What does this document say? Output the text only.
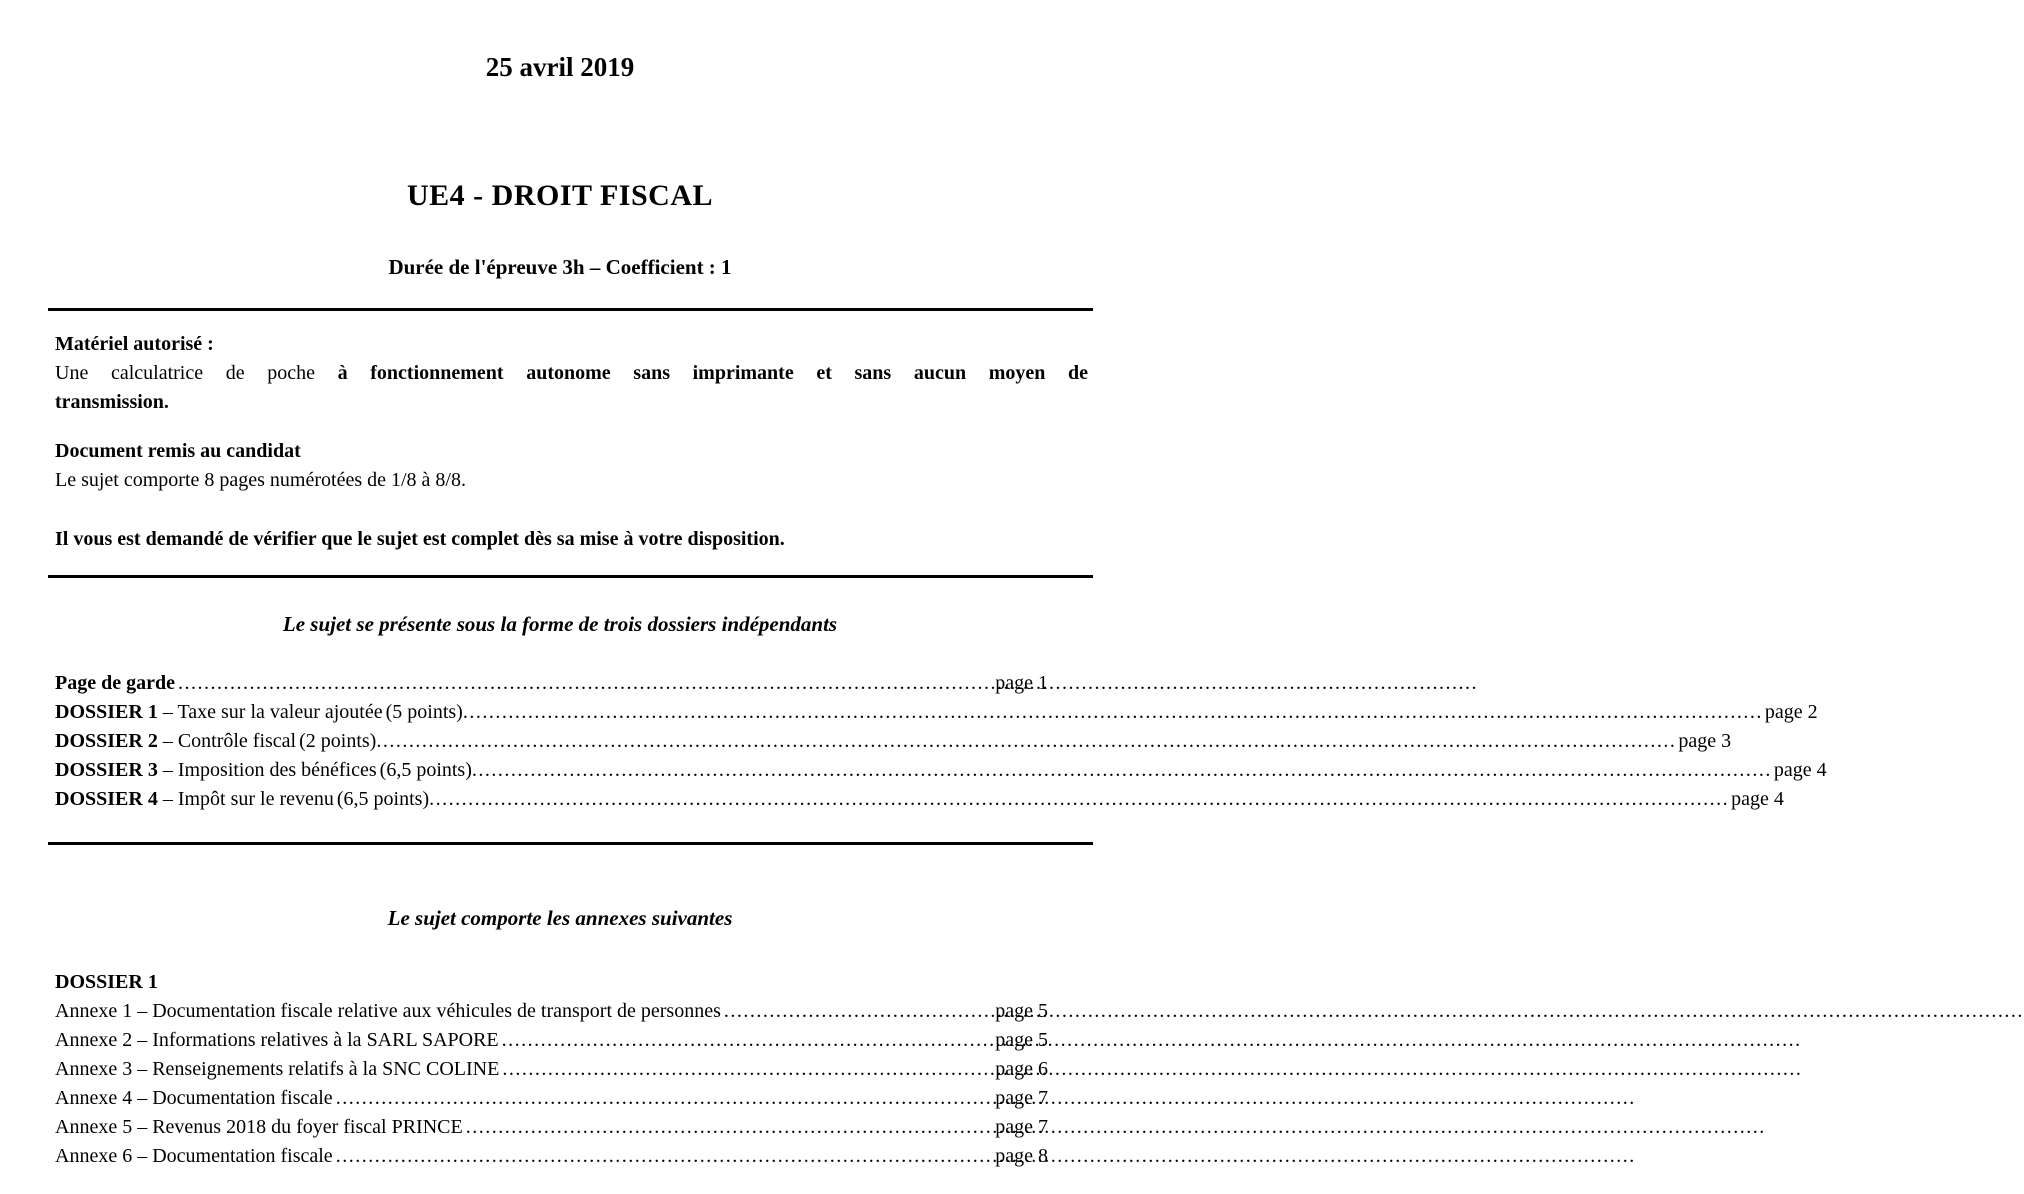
25 avril 2019
UE4 - DROIT FISCAL
Durée de l'épreuve 3h – Coefficient : 1
Matériel autorisé :
Une calculatrice de poche à fonctionnement autonome sans imprimante et sans aucun moyen de
transmission.
Document remis au candidat
Le sujet comporte 8 pages numérotées de 1/8 à 8/8.
Il vous est demandé de vérifier que le sujet est complet dès sa mise à votre disposition.
Le sujet se présente sous la forme de trois dossiers indépendants
Page de garde .....	page 1
DOSSIER 1 – Taxe sur la valeur ajoutée (5 points) .....	page 2
DOSSIER 2 – Contrôle fiscal (2 points) .....	page 3
DOSSIER 3 – Imposition des bénéfices (6,5 points) .....	page 4
DOSSIER 4 – Impôt sur le revenu (6,5 points) .....	page 4
Le sujet comporte les annexes suivantes
DOSSIER 1
Annexe 1 – Documentation fiscale relative aux véhicules de transport de personnes .....	page 5
Annexe 2 – Informations relatives à la SARL SAPORE .....	page 5
Annexe 3 – Renseignements relatifs à la SNC COLINE .....	page 6
Annexe 4 – Documentation fiscale .....	page 7
Annexe 5 – Revenus 2018 du foyer fiscal PRINCE .....	page 7
Annexe 6 – Documentation fiscale .....	page 8
